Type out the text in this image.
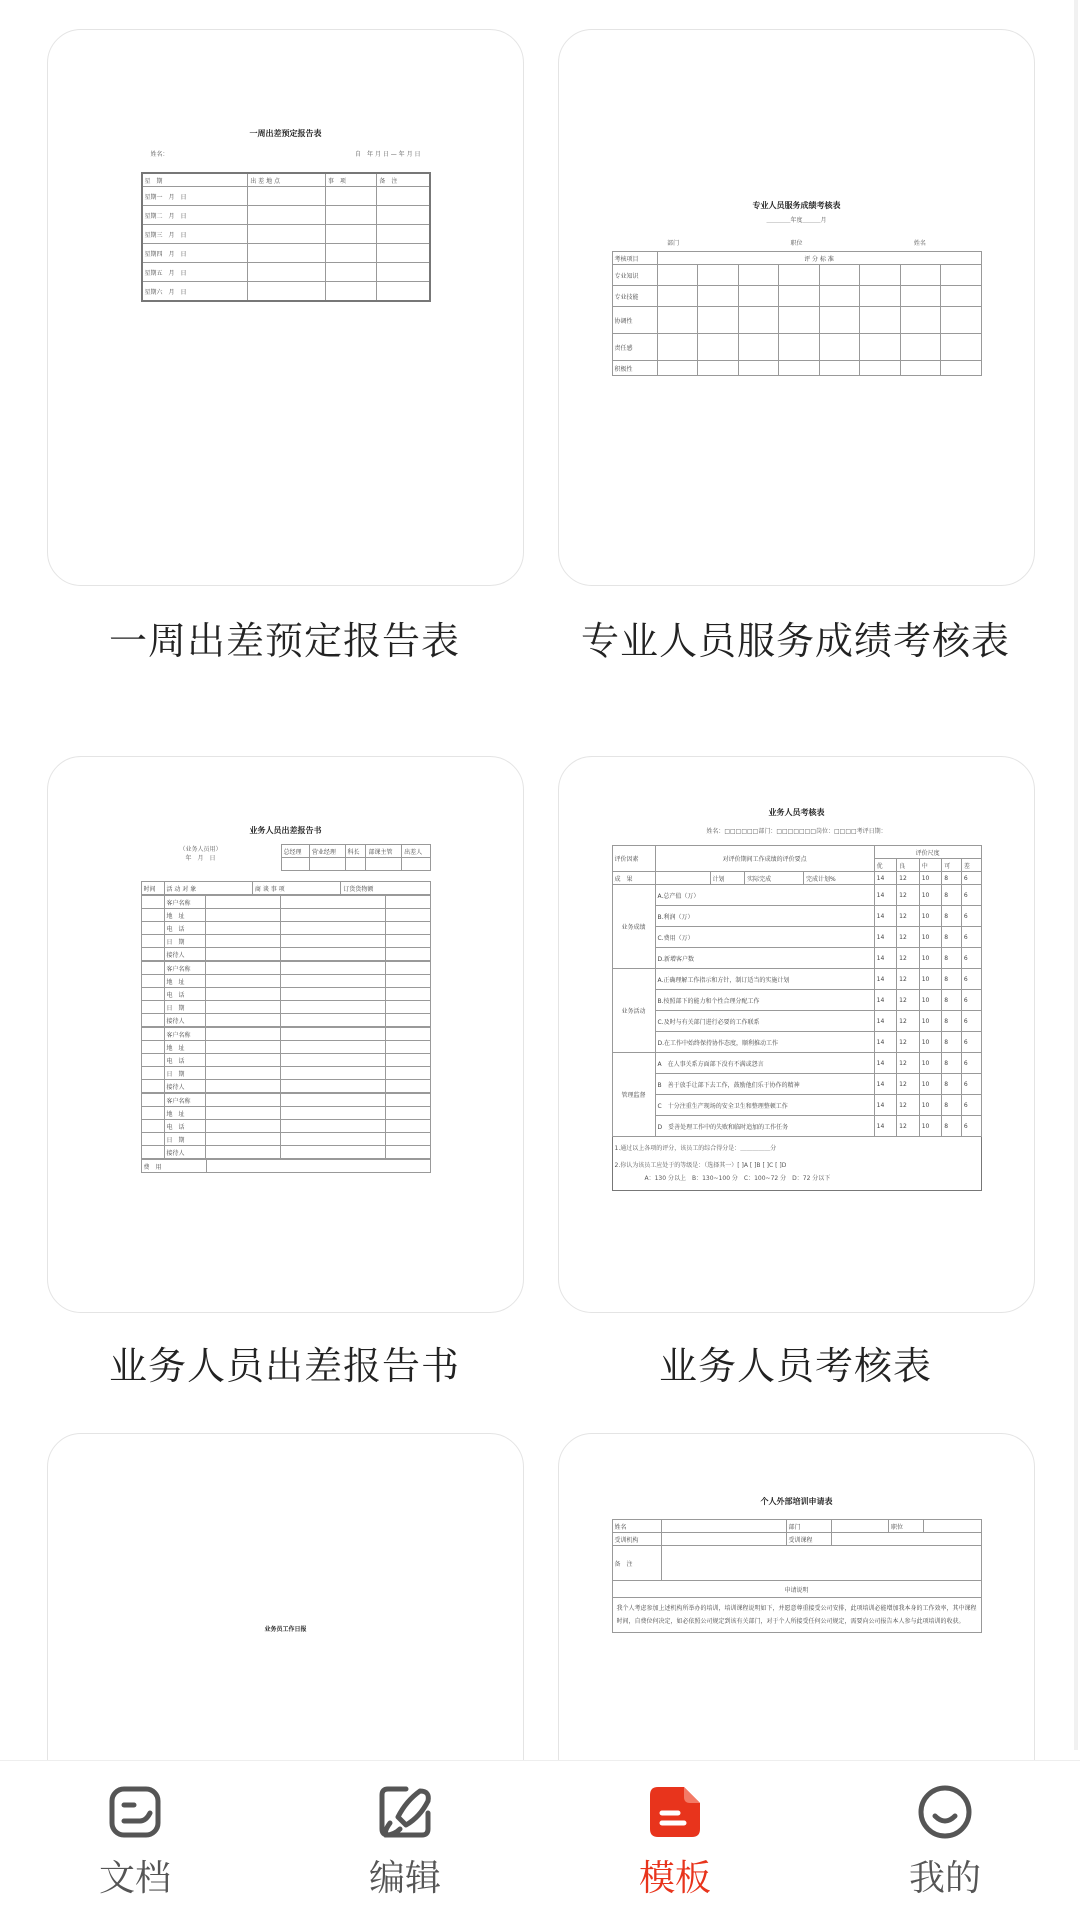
一周出差预定报告表
姓名：	自　年 月 日 — 年 月 日
星　期	出 差 地 点	事　项	备　注
星期一　月　日			
星期二　月　日			
星期三　月　日			
星期四　月　日			
星期五　月　日			
星期六　月　日			
一周出差预定报告表
专业人员服务成绩考核表
＿＿＿＿年度＿＿＿月
部门	职位	姓名
考核项目	评 分 标 准							
专业知识								
专业技能								
协调性								
责任感								
积极性								
专业人员服务成绩考核表
业务人员出差报告书
（业务人员用）
年　月　日
总经理	营业经理	科长	部课主管	出差人

时间	活 动 对 象	商 谈 事 项	订货货物额
	客户名称			
	地　址			
	电　话			
	日　期			
	接待人			
	客户名称			
	地　址			
	电　话			
	日　期			
	接待人			
	客户名称			
	地　址			
	电　话			
	日　期			
	接待人			
	客户名称			
	地　址			
	电　话			
	日　期			
	接待人			
费　用	
业务人员出差报告书
业务人员考核表
姓名：□□□□□□部门：□□□□□□□岗位：□□□□考评日期：
评价因素	对评价期间工作成绩的评价要点				评价尺度				
					优	良	中	可	差
成　果		计划	实际完成	完成计划%	14	12	10	8	6
业务成绩	A.总产值（万）				14	12	10	8	6
	B.利润（万）				14	12	10	8	6
	C.费用（万）				14	12	10	8	6
	D.新增客户数				14	12	10	8	6
业务活动	A.正确理解工作指示和方针，制订适当的实施计划				14	12	10	8	6
	B.按照部下的能力和个性合理分配工作				14	12	10	8	6
	C.及时与有关部门进行必要的工作联系				14	12	10	8	6
	D.在工作中始终保持协作态度，顺利推动工作				14	12	10	8	6
管理监督	A　在人事关系方面部下没有不满或怨言				14	12	10	8	6
	B　善于放手让部下去工作，鼓励他们乐于协作的精神				14	12	10	8	6
	C　十分注重生产现场的安全卫生和整理整顿工作				14	12	10	8	6
	D　妥善处理工作中的失败和临时追加的工作任务				14	12	10	8	6
1.通过以上各项的评分，该员工的综合得分是：＿＿＿＿＿分
2.你认为该员工应处于的等级是：（选择其一）[ ]A [ ]B [ ]C [ ]D
A：130 分以上　B：130~100 分　C：100~72 分　D：72 分以下
业务人员考核表
业务员工作日报
个人外部培训申请表
姓名		部门		职位	
受训机构		受训课程			
备　注					
申请说明					
我个人考虑参加上述机构所举办的培训，培训课程说明如下，并愿意尊重接受公司安排，此项培训必能增加我本身的工作效率，其中课程时间，自费位何决定，如必依照公司规定到该有关部门，对于个人所接受任何公司规定，需要向公司报告本人参与此项培训的收获。					
文档	编辑	模板	我的
